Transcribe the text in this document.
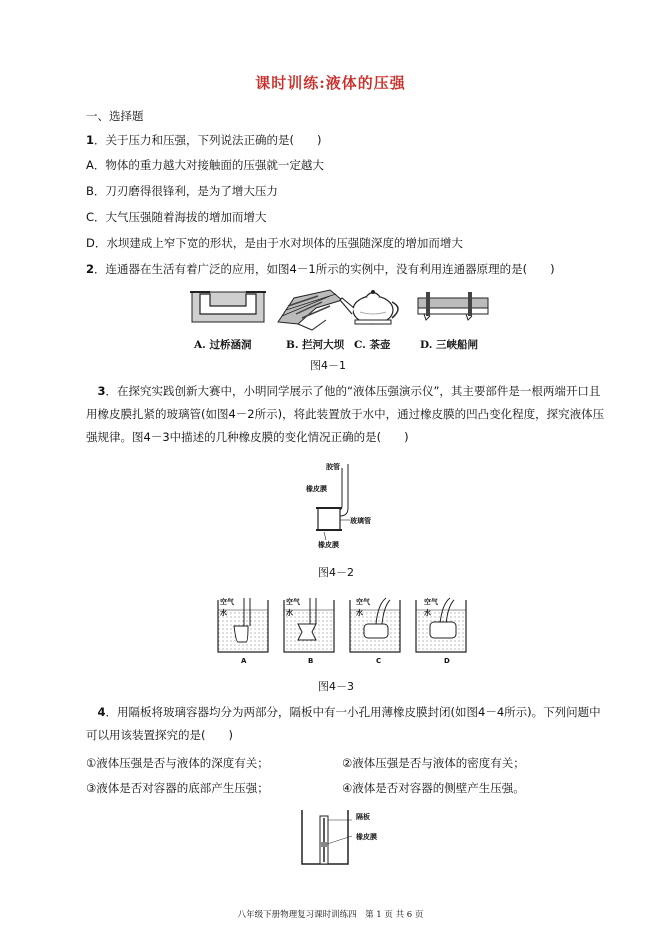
课时训练:液体的压强
一、选择题
1．关于压力和压强，下列说法正确的是(　　)
A．物体的重力越大对接触面的压强就一定越大
B．刀刃磨得很锋利，是为了增大压力
C．大气压强随着海拔的增加而增大
D．水坝建成上窄下宽的形状，是由于水对坝体的压强随深度的增加而增大
2．连通器在生活有着广泛的应用，如图4－1所示的实例中，没有利用连通器原理的是(　　)
A. 过桥涵洞	B. 拦河大坝 C. 茶壶	D. 三峡船闸
图4－1
　3．在探究实践创新大赛中，小明同学展示了他的“液体压强演示仪”，其主要部件是一根两端开口且用橡皮膜扎紧的玻璃管(如图4－2所示)，将此装置放于水中，通过橡皮膜的凹凸变化程度，探究液体压强规律。图4－3中描述的几种橡皮膜的变化情况正确的是(　　)
胶管
橡皮膜
玻璃管
橡皮膜
图4－2
空气
水
空气
水
空气
水
空气
水
A	B	C	D
图4－3
　4．用隔板将玻璃容器均分为两部分，隔板中有一小孔用薄橡皮膜封闭(如图4－4所示)。下列问题中可以用该装置探究的是(　　)
①液体压强是否与液体的深度有关；	②液体压强是否与液体的密度有关；
③液体是否对容器的底部产生压强；	④液体是否对容器的侧壁产生压强。
隔板
橡皮膜
八年级下册物理复习课时训练四　第 1 页 共 6 页
